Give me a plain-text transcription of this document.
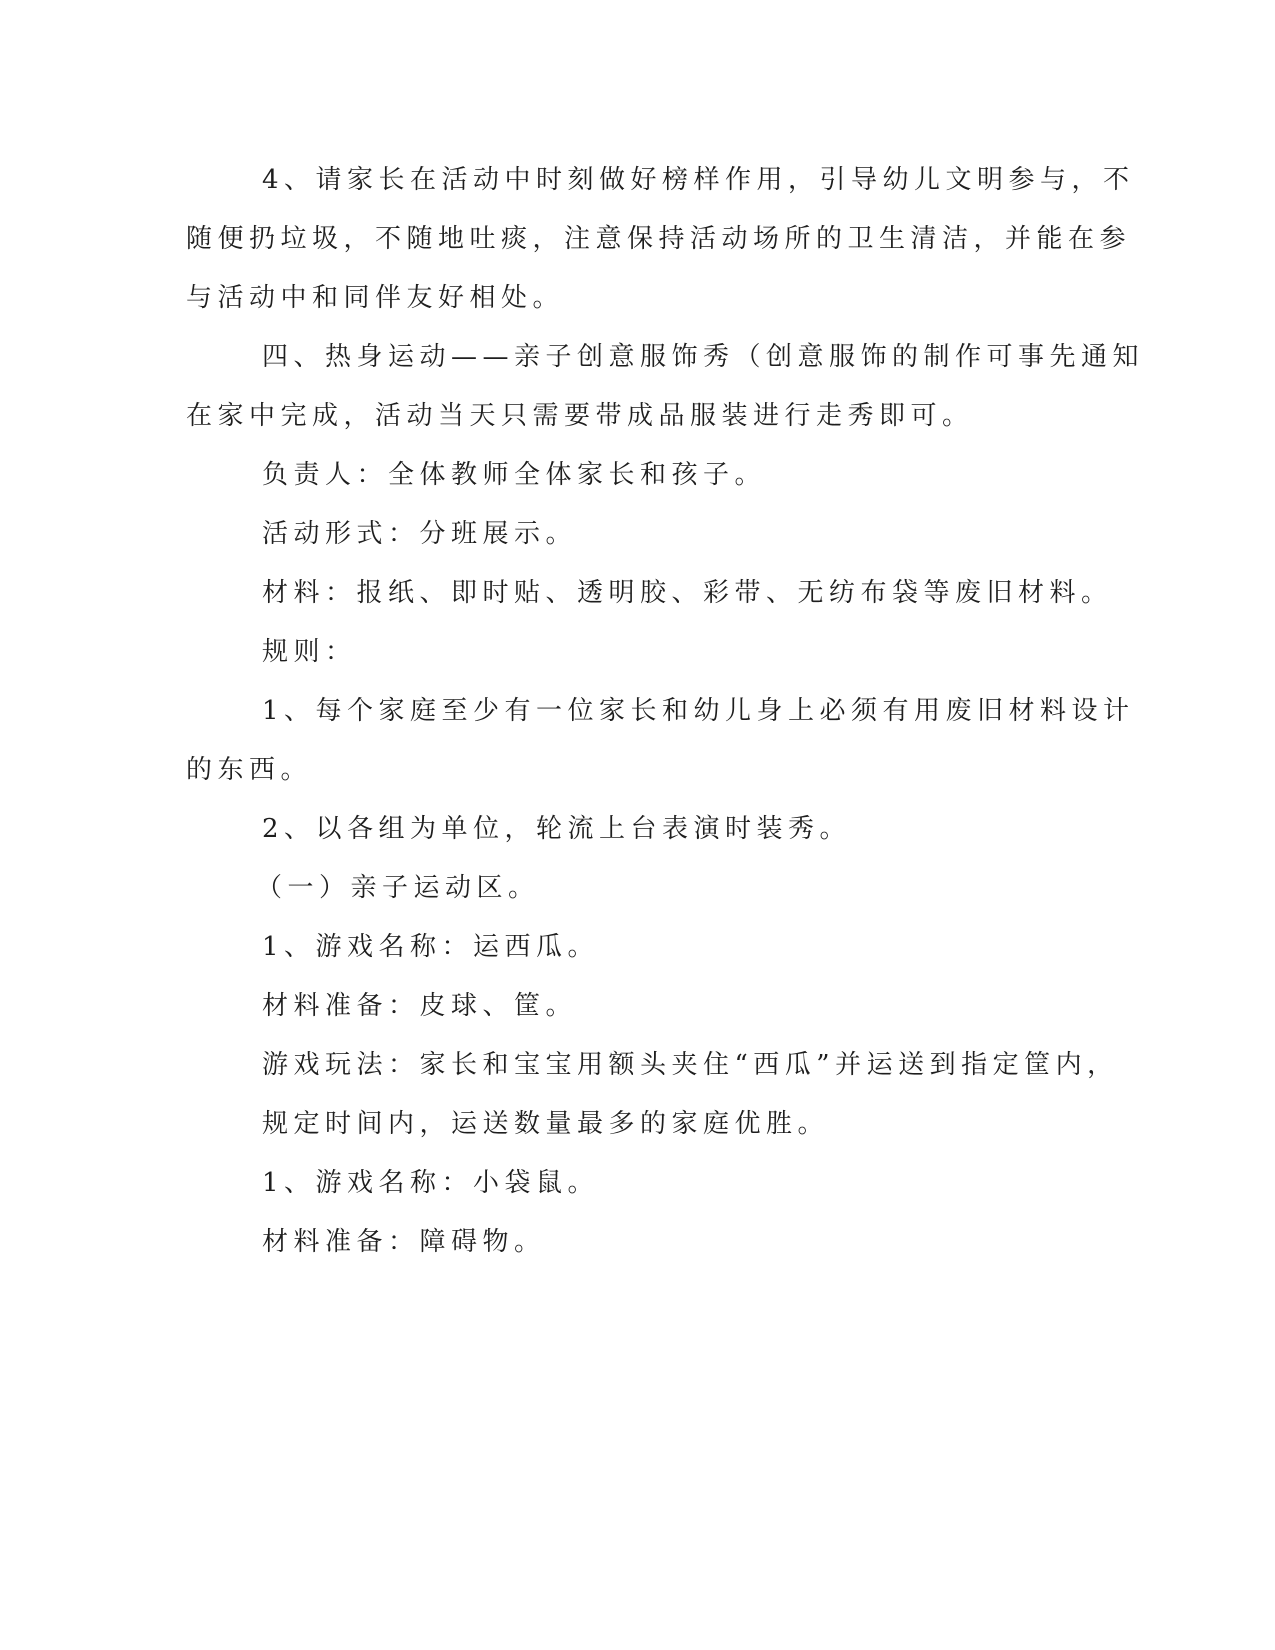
4、请家长在活动中时刻做好榜样作用，引导幼儿文明参与，不
随便扔垃圾，不随地吐痰，注意保持活动场所的卫生清洁，并能在参
与活动中和同伴友好相处。
四、热身运动——亲子创意服饰秀（创意服饰的制作可事先通知
在家中完成，活动当天只需要带成品服装进行走秀即可。
负责人：全体教师全体家长和孩子。
活动形式：分班展示。
材料：报纸、即时贴、透明胶、彩带、无纺布袋等废旧材料。
规则：
1、每个家庭至少有一位家长和幼儿身上必须有用废旧材料设计
的东西。
2、以各组为单位，轮流上台表演时装秀。
（一）亲子运动区。
1、游戏名称：运西瓜。
材料准备：皮球、筐。
游戏玩法：家长和宝宝用额头夹住“西瓜”并运送到指定筐内，
规定时间内，运送数量最多的家庭优胜。
1、游戏名称：小袋鼠。
材料准备：障碍物。
